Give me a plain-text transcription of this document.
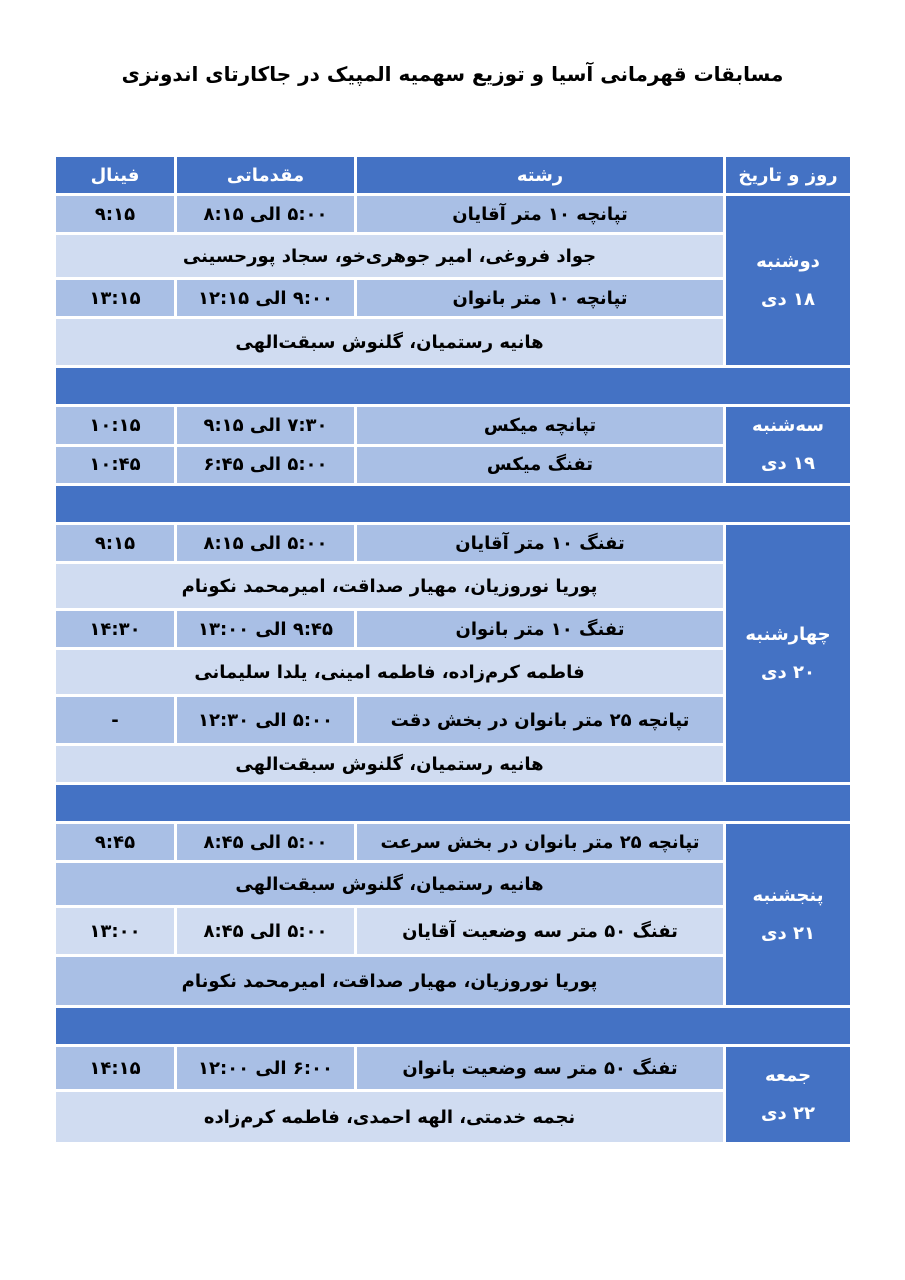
مسابقات قهرمانی آسیا و توزیع سهمیه المپیک در جاکارتای اندونزی
روز و تاریخ	رشته	مقدماتی	فینال
دوشنبه
۱۸ دی	تپانچه ۱۰ متر آقایان	۵:۰۰ الی ۸:۱۵	۹:۱۵
	جواد فروغی، امیر جوهری‌خو، سجاد پورحسینی		
	تپانچه ۱۰ متر بانوان	۹:۰۰ الی ۱۲:۱۵	۱۳:۱۵
	هانیه رستمیان، گلنوش سبقت‌الهی		

سه‌شنبه
۱۹ دی	تپانچه میکس	۷:۳۰ الی ۹:۱۵	۱۰:۱۵
	تفنگ میکس	۵:۰۰ الی ۶:۴۵	۱۰:۴۵

چهارشنبه
۲۰ دی	تفنگ ۱۰ متر آقایان	۵:۰۰ الی ۸:۱۵	۹:۱۵
	پوریا نوروزیان، مهیار صداقت، امیرمحمد نکونام		
	تفنگ ۱۰ متر بانوان	۹:۴۵ الی ۱۳:۰۰	۱۴:۳۰
	فاطمه کرم‌زاده، فاطمه امینی، یلدا سلیمانی		
	تپانچه ۲۵ متر بانوان در بخش دقت	۵:۰۰ الی ۱۲:۳۰	-
	هانیه رستمیان، گلنوش سبقت‌الهی		

پنجشنبه
۲۱ دی	تپانچه ۲۵ متر بانوان در بخش سرعت	۵:۰۰ الی ۸:۴۵	۹:۴۵
	هانیه رستمیان، گلنوش سبقت‌الهی		
	تفنگ ۵۰ متر سه وضعیت آقایان	۵:۰۰ الی ۸:۴۵	۱۳:۰۰
	پوریا نوروزیان، مهیار صداقت، امیرمحمد نکونام		

جمعه
۲۲ دی	تفنگ ۵۰ متر سه وضعیت بانوان	۶:۰۰ الی ۱۲:۰۰	۱۴:۱۵
	نجمه خدمتی، الهه احمدی، فاطمه کرم‌زاده		
